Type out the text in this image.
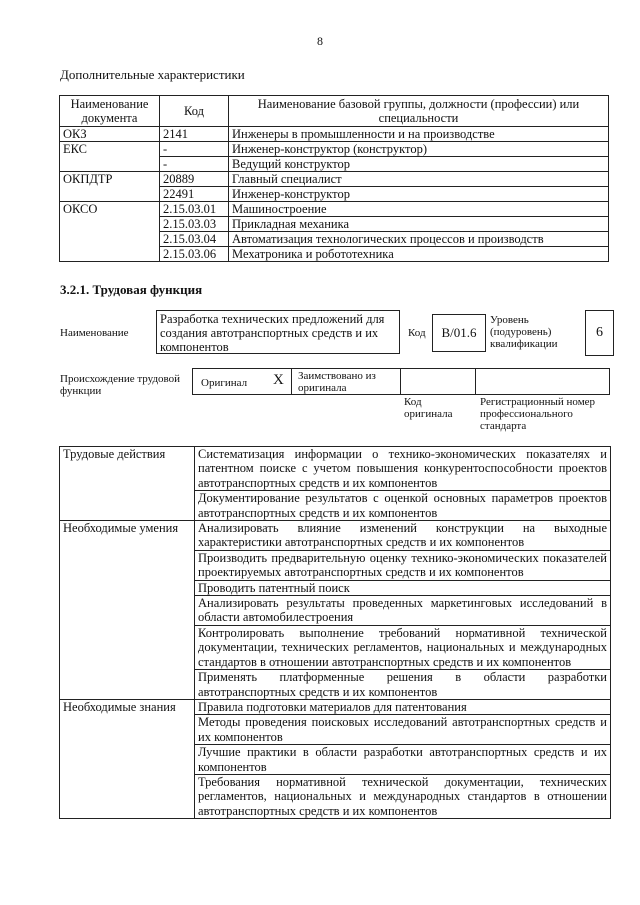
8
Дополнительные характеристики
Наименование документа	Код	Наименование базовой группы, должности (профессии) или специальности
ОКЗ	2141	Инженеры в промышленности и на производстве
ЕКС	-	Инженер-конструктор (конструктор)
	-	Ведущий конструктор
ОКПДТР	20889	Главный специалист
	22491	Инженер-конструктор
ОКСО	2.15.03.01	Машиностроение
	2.15.03.03	Прикладная механика
	2.15.03.04	Автоматизация технологических процессов и производств
	2.15.03.06	Мехатроника и робототехника
3.2.1. Трудовая функция
Наименование
Разработка технических предложений для создания автотранспортных средств и их компонентов
Код	B/01.6
Уровень (подуровень) квалификации
6
Происхождение трудовой функции
Оригинал X Заимствовано из оригинала
Код оригинала
Регистрационный номер профессионального стандарта
Трудовые действия	Систематизация информации о технико-экономических показателях и патентном поиске с учетом повышения конкурентоспособности проектов автотранспортных средств и их компонентов
	Документирование результатов с оценкой основных параметров проектов автотранспортных средств и их компонентов
Необходимые умения	Анализировать влияние изменений конструкции на выходные характеристики автотранспортных средств и их компонентов
	Производить предварительную оценку технико-экономических показателей проектируемых автотранспортных средств и их компонентов
	Проводить патентный поиск
	Анализировать результаты проведенных маркетинговых исследований в области автомобилестроения
	Контролировать выполнение требований нормативной технической документации, технических регламентов, национальных и международных стандартов в отношении автотранспортных средств и их компонентов
	Применять платформенные решения в области разработки автотранспортных средств и их компонентов
Необходимые знания	Правила подготовки материалов для патентования
	Методы проведения поисковых исследований автотранспортных средств и их компонентов
	Лучшие практики в области разработки автотранспортных средств и их компонентов
	Требования нормативной технической документации, технических регламентов, национальных и международных стандартов в отношении автотранспортных средств и их компонентов
